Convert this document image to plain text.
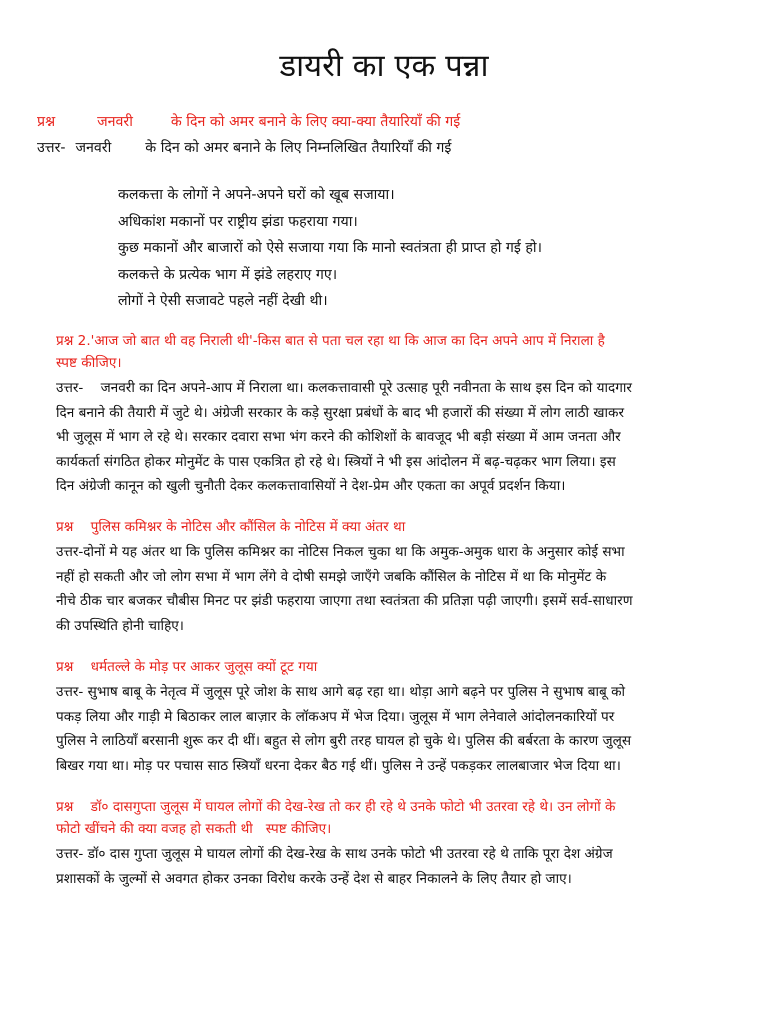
डायरी का एक पन्ना
प्रश्न	जनवरी	के दिन को अमर बनाने के लिए क्या-क्या तैयारियाँ की गई
उत्तर- जनवरी के दिन को अमर बनाने के लिए निम्नलिखित तैयारियाँ की गई
कलकत्ता के लोगों ने अपने-अपने घरों को खूब सजाया।
अधिकांश मकानों पर राष्ट्रीय झंडा फहराया गया।
कुछ मकानों और बाजारों को ऐसे सजाया गया कि मानो स्वतंत्रता ही प्राप्त हो गई हो।
कलकत्ते के प्रत्येक भाग में झंडे लहराए गए।
लोगों ने ऐसी सजावटे पहले नहीं देखी थी।
प्रश्न 2.'आज जो बात थी वह निराली थी'-किस बात से पता चल रहा था कि आज का दिन अपने आप में निराला है
स्पष्ट कीजिए।
उत्तर-    जनवरी का दिन अपने-आप में निराला था। कलकत्तावासी पूरे उत्साह पूरी नवीनता के साथ इस दिन को यादगार
दिन बनाने की तैयारी में जुटे थे। अंग्रेजी सरकार के कड़े सुरक्षा प्रबंधों के बाद भी हजारों की संख्या में लोग लाठी खाकर
भी जुलूस में भाग ले रहे थे। सरकार दवारा सभा भंग करने की कोशिशों के बावजूद भी बड़ी संख्या में आम जनता और
कार्यकर्ता संगठित होकर मोनुमेंट के पास एकत्रित हो रहे थे। स्त्रियों ने भी इस आंदोलन में बढ़-चढ़कर भाग लिया। इस
दिन अंग्रेजी कानून को खुली चुनौती देकर कलकत्तावासियों ने देश-प्रेम और एकता का अपूर्व प्रदर्शन किया।
प्रश्न    पुलिस कमिश्नर के नोटिस और कौंसिल के नोटिस में क्या अंतर था
उत्तर-दोनों मे यह अंतर था कि पुलिस कमिश्नर का नोटिस निकल चुका था कि अमुक-अमुक धारा के अनुसार कोई सभा
नहीं हो सकती और जो लोग सभा में भाग लेंगे वे दोषी समझे जाएँगे जबकि कौंसिल के नोटिस में था कि मोनुमेंट के
नीचे ठीक चार बजकर चौबीस मिनट पर झंडी फहराया जाएगा तथा स्वतंत्रता की प्रतिज्ञा पढ़ी जाएगी। इसमें सर्व-साधारण
की उपस्थिति होनी चाहिए।
प्रश्न    धर्मतल्ले के मोड़ पर आकर जुलूस क्यों टूट गया
उत्तर- सुभाष बाबू के नेतृत्व में जुलूस पूरे जोश के साथ आगे बढ़ रहा था। थोड़ा आगे बढ़ने पर पुलिस ने सुभाष बाबू को
पकड़ लिया और गाड़ी मे बिठाकर लाल बाज़ार के लॉकअप में भेज दिया। जुलूस में भाग लेनेवाले आंदोलनकारियों पर
पुलिस ने लाठियाँ बरसानी शुरू कर दी थीं। बहुत से लोग बुरी तरह घायल हो चुके थे। पुलिस की बर्बरता के कारण जुलूस
बिखर गया था। मोड़ पर पचास साठ स्त्रियाँ धरना देकर बैठ गई थीं। पुलिस ने उन्हें पकड़कर लालबाजार भेज दिया था।
प्रश्न    डॉ० दासगुप्ता जुलूस में घायल लोगों की देख-रेख तो कर ही रहे थे उनके फोटो भी उतरवा रहे थे। उन लोगों के
फोटो खींचने की क्या वजह हो सकती थी   स्पष्ट कीजिए।
उत्तर- डॉ० दास गुप्ता जुलूस मे घायल लोगों की देख-रेख के साथ उनके फोटो भी उतरवा रहे थे ताकि पूरा देश अंग्रेज
प्रशासकों के जुल्मों से अवगत होकर उनका विरोध करके उन्हें देश से बाहर निकालने के लिए तैयार हो जाए।
